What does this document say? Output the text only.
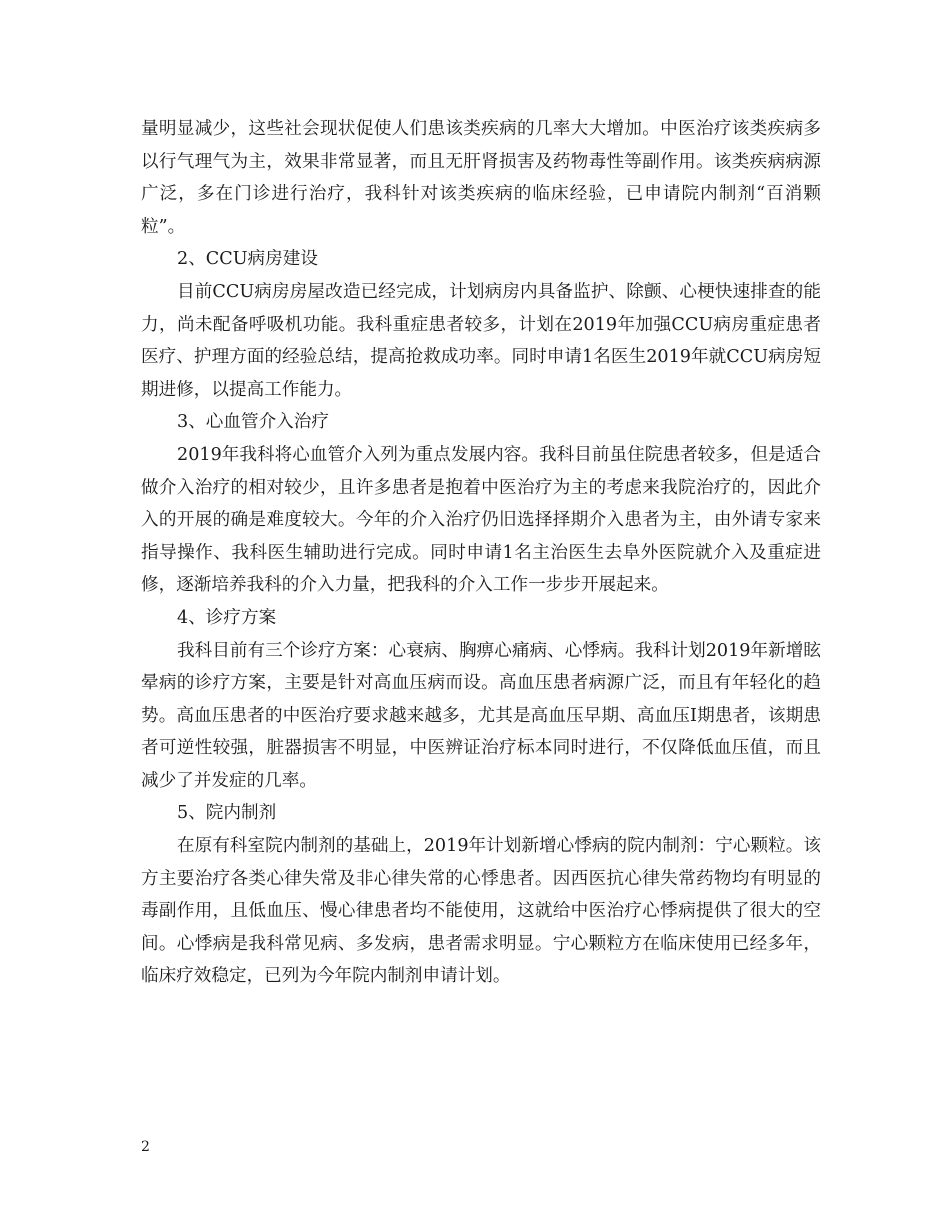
量明显减少，这些社会现状促使人们患该类疾病的几率大大增加。中医治疗该类疾病多以行气理气为主，效果非常显著，而且无肝肾损害及药物毒性等副作用。该类疾病病源广泛，多在门诊进行治疗，我科针对该类疾病的临床经验，已申请院内制剂“百消颗粒”。

2、CCU病房建设

目前CCU病房房屋改造已经完成，计划病房内具备监护、除颤、心梗快速排查的能力，尚未配备呼吸机功能。我科重症患者较多，计划在2019年加强CCU病房重症患者医疗、护理方面的经验总结，提高抢救成功率。同时申请1名医生2019年就CCU病房短期进修，以提高工作能力。

3、心血管介入治疗

2019年我科将心血管介入列为重点发展内容。我科目前虽住院患者较多，但是适合做介入治疗的相对较少，且许多患者是抱着中医治疗为主的考虑来我院治疗的，因此介入的开展的确是难度较大。今年的介入治疗仍旧选择择期介入患者为主，由外请专家来指导操作、我科医生辅助进行完成。同时申请1名主治医生去阜外医院就介入及重症进修，逐渐培养我科的介入力量，把我科的介入工作一步步开展起来。

4、诊疗方案

我科目前有三个诊疗方案：心衰病、胸痹心痛病、心悸病。我科计划2019年新增眩晕病的诊疗方案，主要是针对高血压病而设。高血压患者病源广泛，而且有年轻化的趋势。高血压患者的中医治疗要求越来越多，尤其是高血压早期、高血压I期患者，该期患者可逆性较强，脏器损害不明显，中医辨证治疗标本同时进行，不仅降低血压值，而且减少了并发症的几率。

5、院内制剂

在原有科室院内制剂的基础上，2019年计划新增心悸病的院内制剂：宁心颗粒。该方主要治疗各类心律失常及非心律失常的心悸患者。因西医抗心律失常药物均有明显的毒副作用，且低血压、慢心律患者均不能使用，这就给中医治疗心悸病提供了很大的空间。心悸病是我科常见病、多发病，患者需求明显。宁心颗粒方在临床使用已经多年，临床疗效稳定，已列为今年院内制剂申请计划。

2
